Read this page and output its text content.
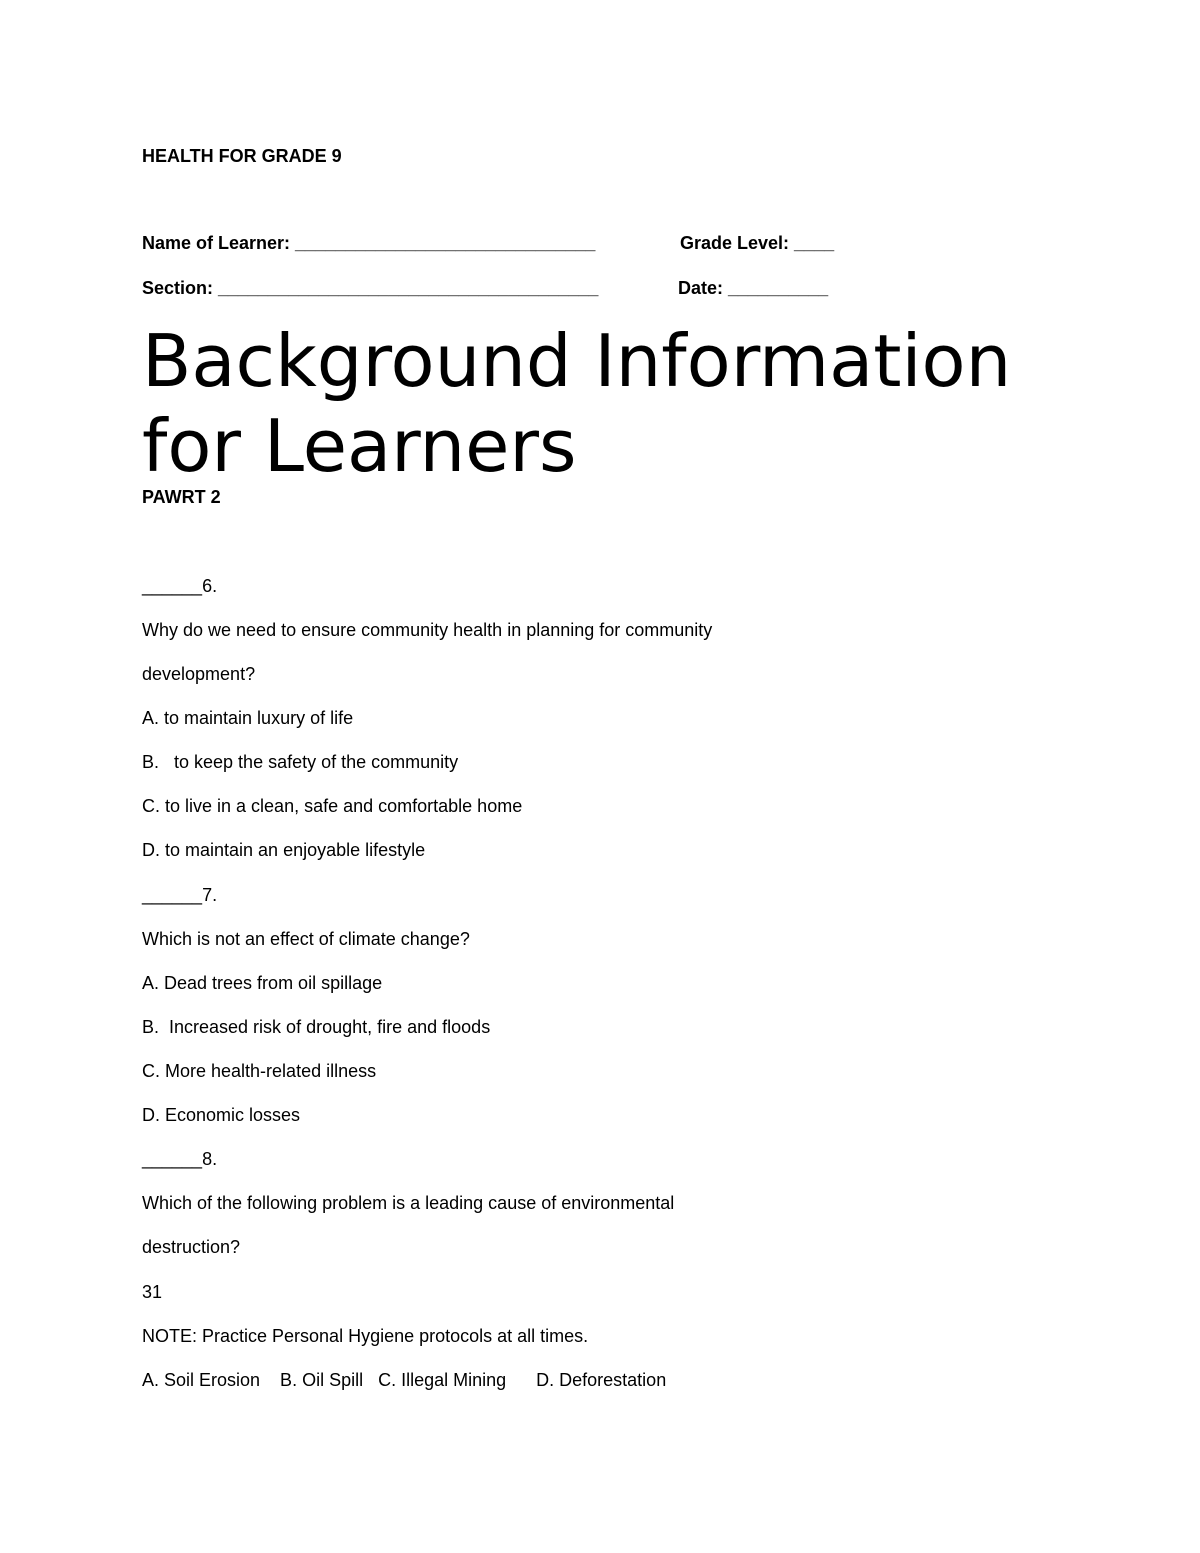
HEALTH FOR GRADE 9
Name of Learner: ______________________________	Grade Level: ____
Section: ______________________________________	Date: __________
Background Information
for Learners
PAWRT 2
______6.
Why do we need to ensure community health in planning for community
development?
A. to maintain luxury of life
B.   to keep the safety of the community
C. to live in a clean, safe and comfortable home
D. to maintain an enjoyable lifestyle
______7.
Which is not an effect of climate change?
A. Dead trees from oil spillage
B.  Increased risk of drought, fire and floods
C. More health-related illness
D. Economic losses
______8.
Which of the following problem is a leading cause of environmental
destruction?
31
NOTE: Practice Personal Hygiene protocols at all times.
A. Soil Erosion    B. Oil Spill   C. Illegal Mining      D. Deforestation
